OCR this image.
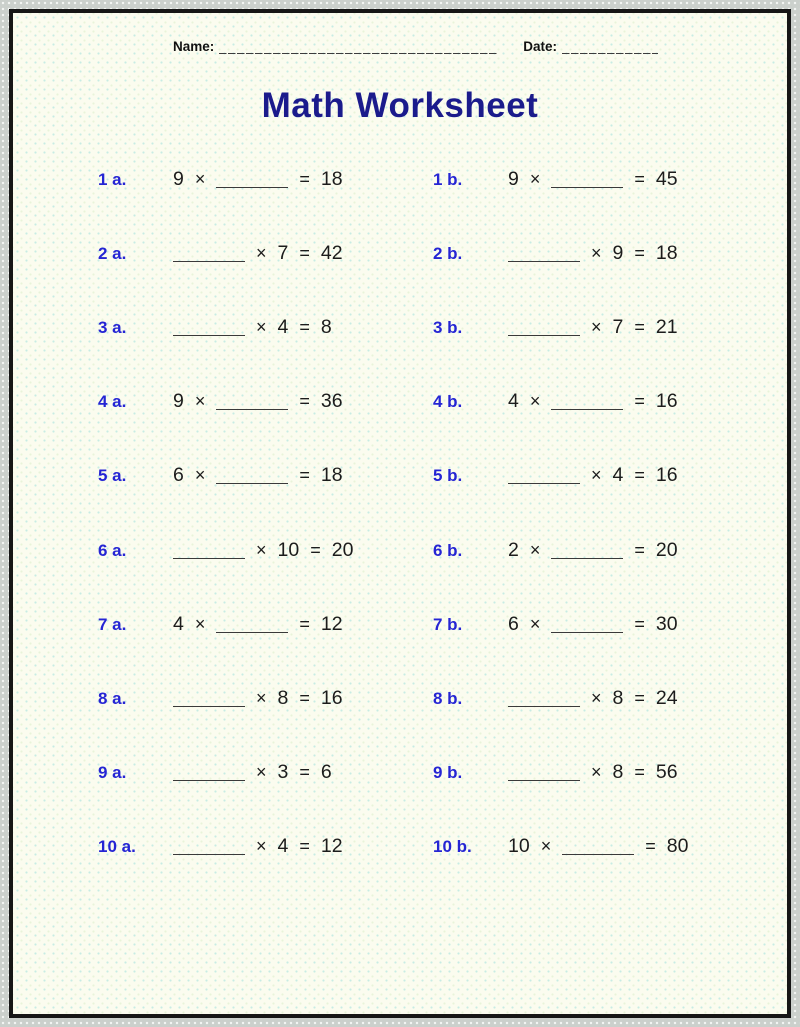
Name:	Date:
Math Worksheet
1 a.	9 ×	= 18	1 b.	9 ×	= 45
2 a.	× 7 = 42	2 b.	× 9 = 18
3 a.	× 4 = 8	3 b.	× 7 = 21
4 a.	9 ×	= 36	4 b.	4 ×	= 16
5 a.	6 ×	= 18	5 b.	× 4 = 16
6 a.	× 10 = 20	6 b.	2 ×	= 20
7 a.	4 ×	= 12	7 b.	6 ×	= 30
8 a.	× 8 = 16	8 b.	× 8 = 24
9 a.	× 3 = 6	9 b.	× 8 = 56
10 a.	× 4 = 12	10 b.	10 ×	= 80
